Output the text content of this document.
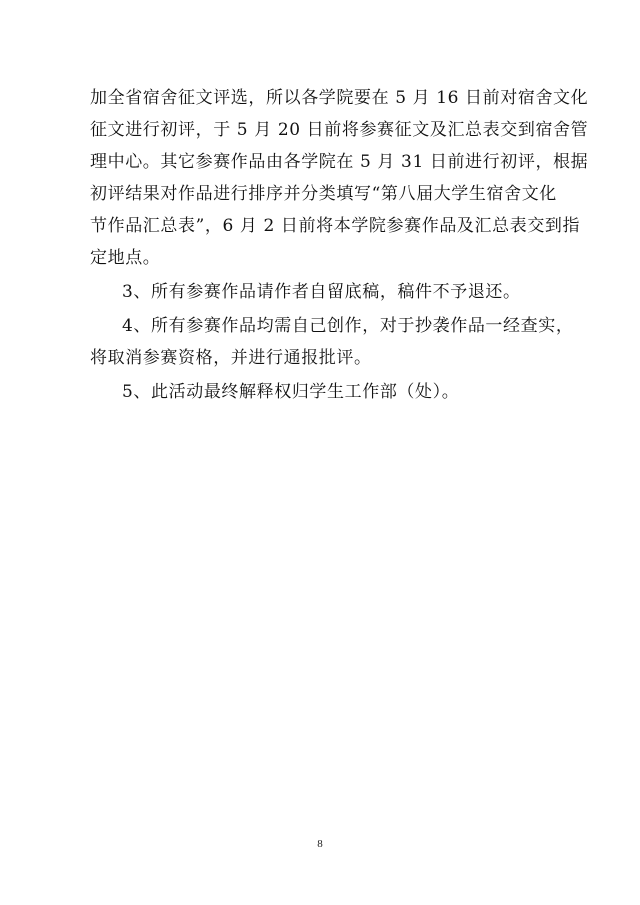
加全省宿舍征文评选，所以各学院要在 5 月 16 日前对宿舍文化
征文进行初评，于 5 月 20 日前将参赛征文及汇总表交到宿舍管
理中心。其它参赛作品由各学院在 5 月 31 日前进行初评，根据
初评结果对作品进行排序并分类填写“第八届大学生宿舍文化
节作品汇总表”，6 月 2 日前将本学院参赛作品及汇总表交到指
定地点。
3、所有参赛作品请作者自留底稿，稿件不予退还。
4、所有参赛作品均需自己创作，对于抄袭作品一经查实，
将取消参赛资格，并进行通报批评。
5、此活动最终解释权归学生工作部（处）。
8
